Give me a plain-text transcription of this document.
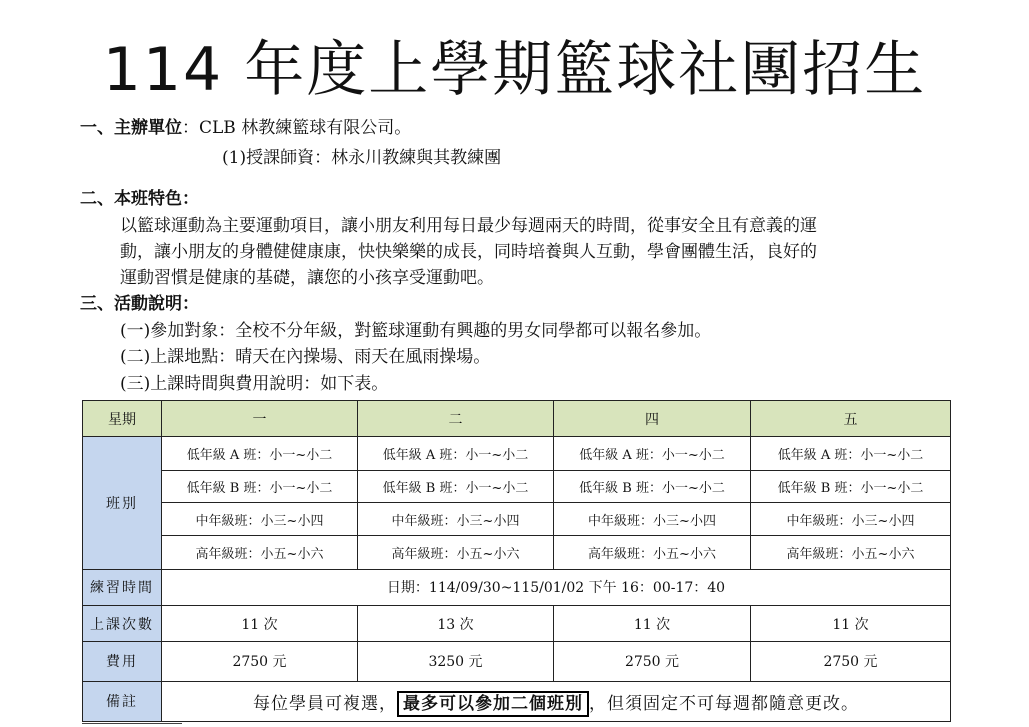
114 年度上學期籃球社團招生
一、主辦單位：CLB 林教練籃球有限公司。
(1)授課師資：林永川教練與其教練團
二、本班特色：
以籃球運動為主要運動項目，讓小朋友利用每日最少每週兩天的時間，從事安全且有意義的運
動，讓小朋友的身體健健康康，快快樂樂的成長，同時培養與人互動，學會團體生活，良好的
運動習慣是健康的基礎，讓您的小孩享受運動吧。
三、活動說明：
(一)參加對象：全校不分年級，對籃球運動有興趣的男女同學都可以報名參加。
(二)上課地點：晴天在內操場、雨天在風雨操場。
(三)上課時間與費用說明：如下表。
星期	一	二	四	五
班別	低年級 A 班：小一~小二	低年級 A 班：小一~小二	低年級 A 班：小一~小二	低年級 A 班：小一~小二
	低年級 B 班：小一~小二	低年級 B 班：小一~小二	低年級 B 班：小一~小二	低年級 B 班：小一~小二
	中年級班：小三~小四	中年級班：小三~小四	中年級班：小三~小四	中年級班：小三~小四
	高年級班：小五~小六	高年級班：小五~小六	高年級班：小五~小六	高年級班：小五~小六
練習時間	日期：114/09/30~115/01/02 下午 16：00-17：40			
上課次數	11 次	13 次	11 次	11 次
費用	2750 元	3250 元	2750 元	2750 元
備註	每位學員可複選， 最多可以參加二個班別 ，但須固定不可每週都隨意更改。			
